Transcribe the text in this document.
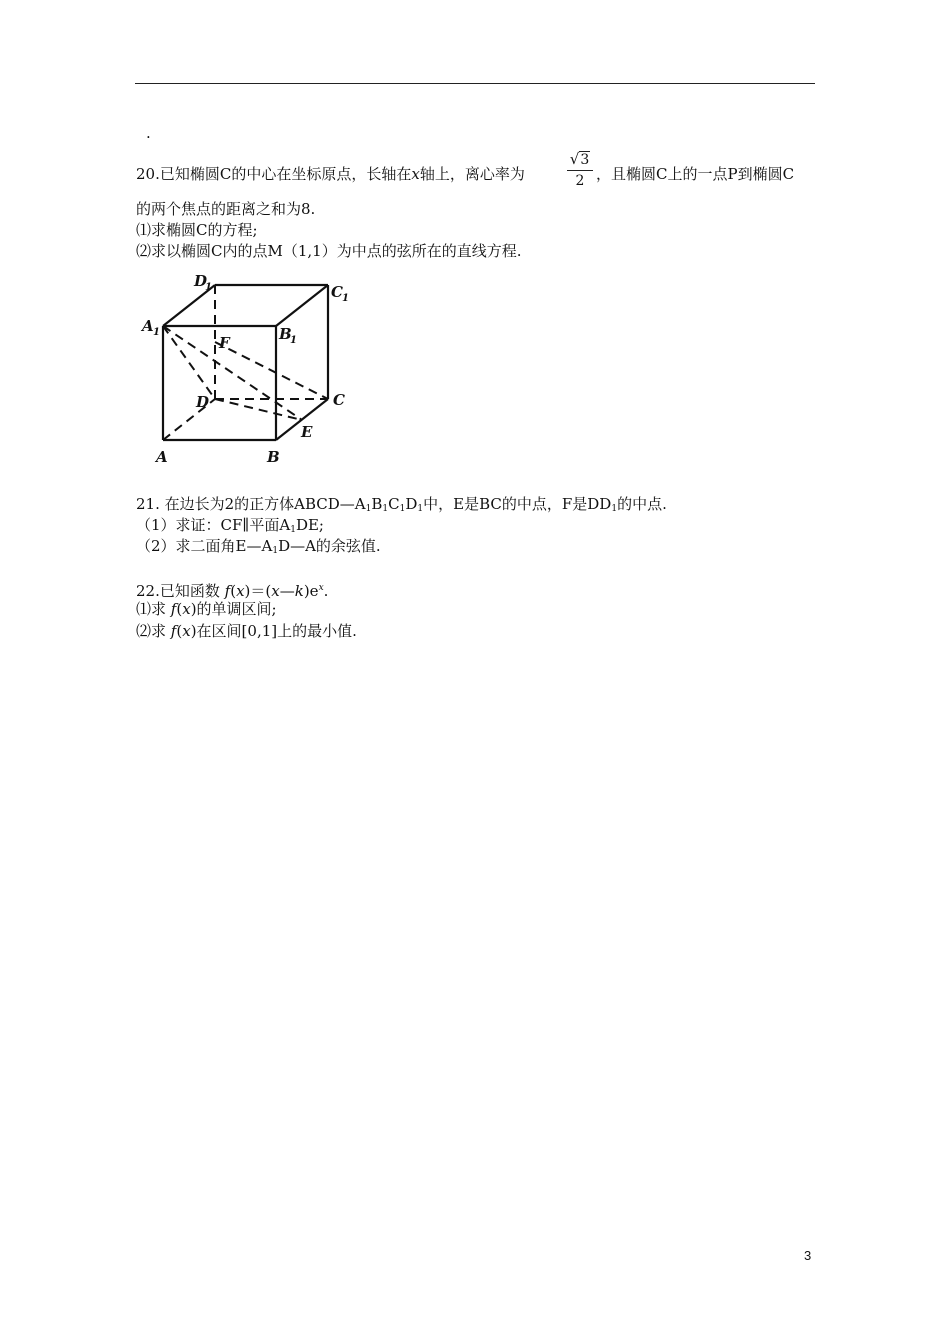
.
20.已知椭圆C的中心在坐标原点，长轴在x轴上，离心率为
√3
2 ，且椭圆C上的一点P到椭圆C
的两个焦点的距离之和为8.
⑴求椭圆C的方程;
⑵求以椭圆C内的点M（1,1）为中点的弦所在的直线方程.
A 1	B
1
C 1
D
1
F
D	C
E
A	B
21. 在边长为2的正方体$ABCD—A_1B_1C_1D_1$中，E是BC的中点，F是$DD_1$的中点.
（1）求证：CF∥平面$A_1DE$;
（2）求二面角$E—A_1D—A$的余弦值.
22.已知函数 $f(x)=(x—k)e^x$.
⑴求 f(x)的单调区间;
⑵求 f(x)在区间[0,1]上的最小值.
3
